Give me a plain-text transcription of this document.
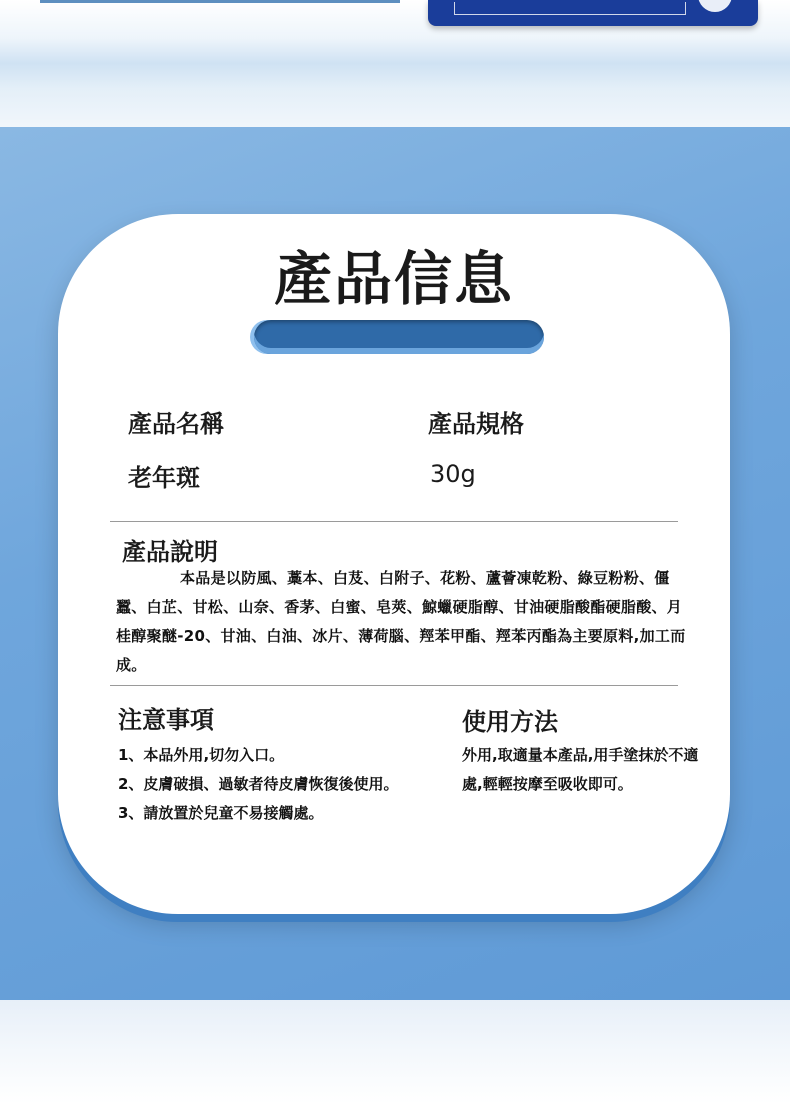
產品信息
產品名稱	產品規格
老年斑	30g
產品說明
本品是以防風、藁本、白芨、白附子、花粉、蘆薈凍乾粉、綠豆粉粉、僵蠶、白芷、甘松、山奈、香茅、白蜜、皂莢、鯨蠟硬脂醇、甘油硬脂酸酯硬脂酸、月桂醇聚醚-20、甘油、白油、冰片、薄荷腦、羥苯甲酯、羥苯丙酯為主要原料,加工而成。
注意事項	使用方法
1、本品外用,切勿入口。
2、皮膚破損、過敏者待皮膚恢復後使用。
3、請放置於兒童不易接觸處。
外用,取適量本產品,用手塗抹於不適處,輕輕按摩至吸收即可。
